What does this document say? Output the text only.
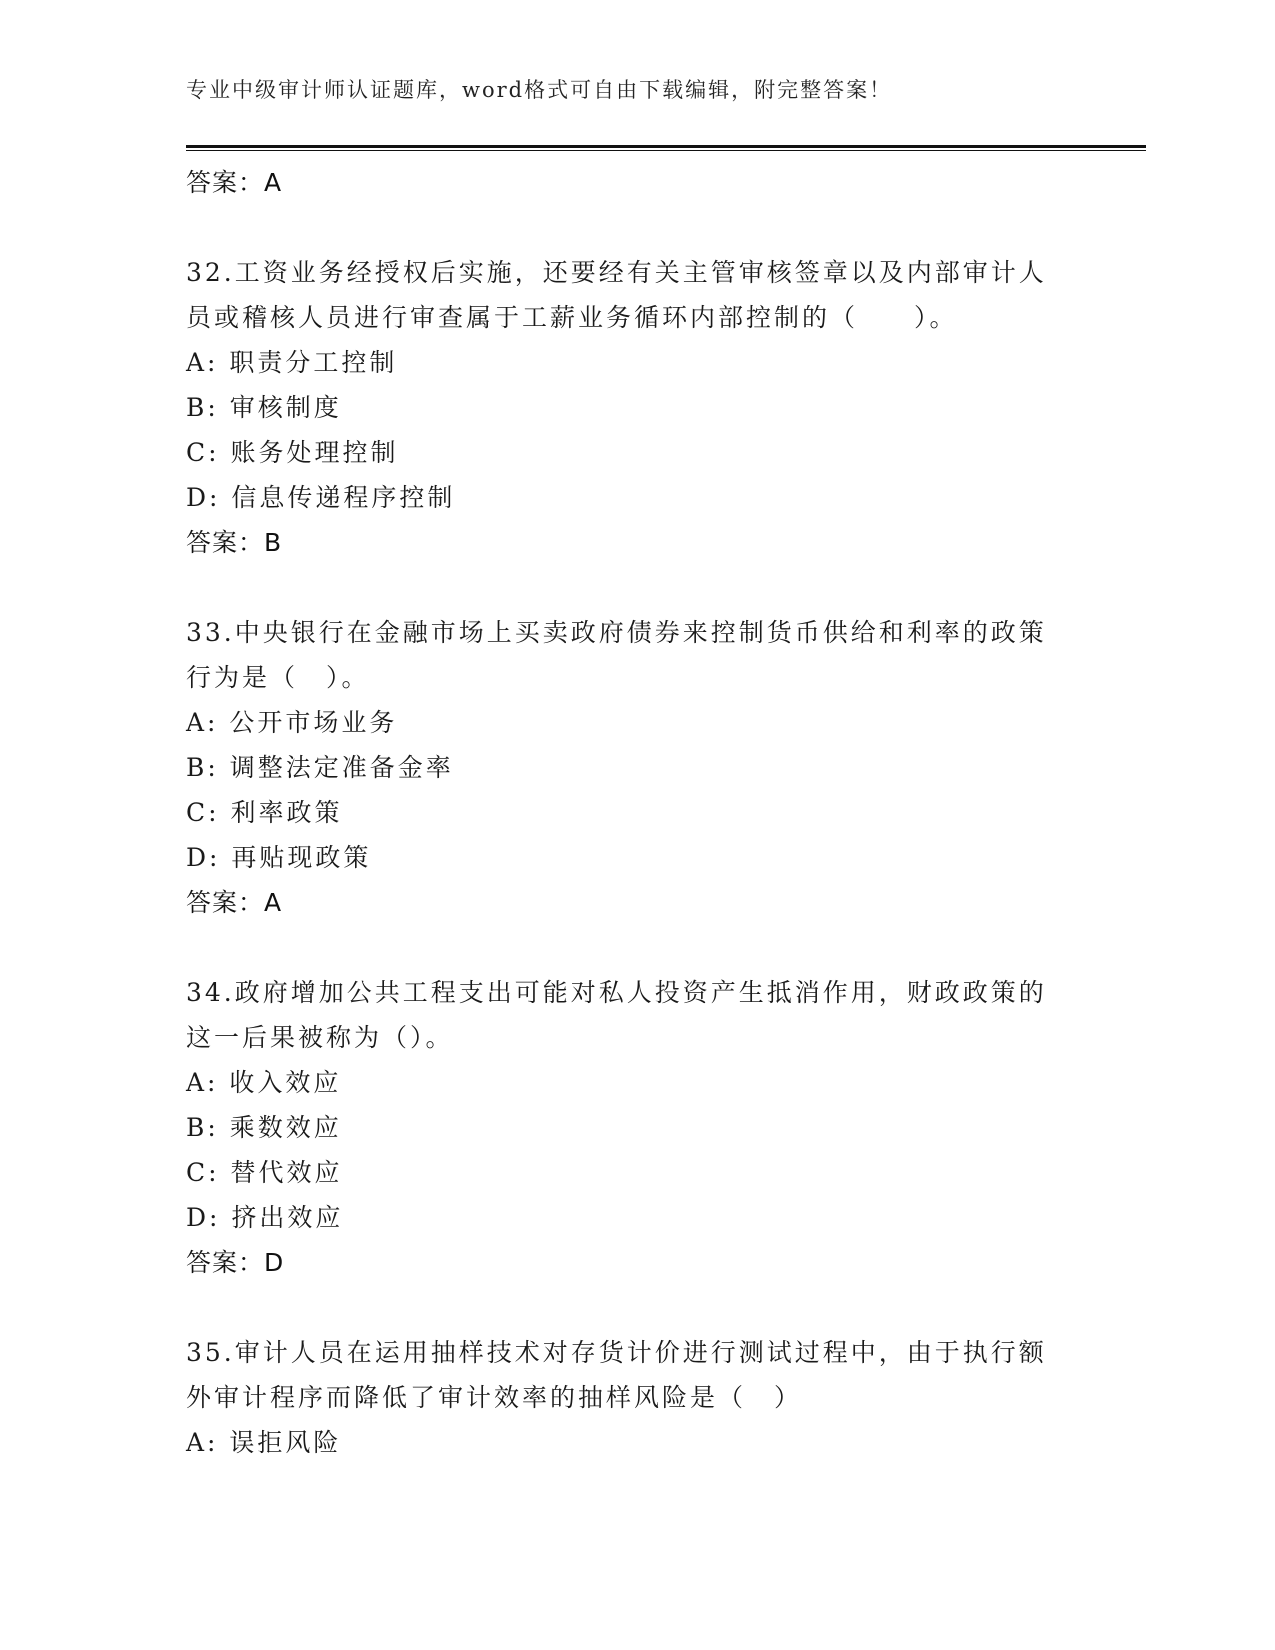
专业中级审计师认证题库，word格式可自由下载编辑，附完整答案！
答案：A
32.工资业务经授权后实施，还要经有关主管审核签章以及内部审计人员或稽核人员进行审查属于工薪业务循环内部控制的（　　）。
A: 职责分工控制
B: 审核制度
C: 账务处理控制
D: 信息传递程序控制
答案：B
33.中央银行在金融市场上买卖政府债券来控制货币供给和利率的政策行为是（　）。
A: 公开市场业务
B: 调整法定准备金率
C: 利率政策
D: 再贴现政策
答案：A
34.政府增加公共工程支出可能对私人投资产生抵消作用，财政政策的这一后果被称为（）。
A: 收入效应
B: 乘数效应
C: 替代效应
D: 挤出效应
答案：D
35.审计人员在运用抽样技术对存货计价进行测试过程中，由于执行额外审计程序而降低了审计效率的抽样风险是（　）
A: 误拒风险
